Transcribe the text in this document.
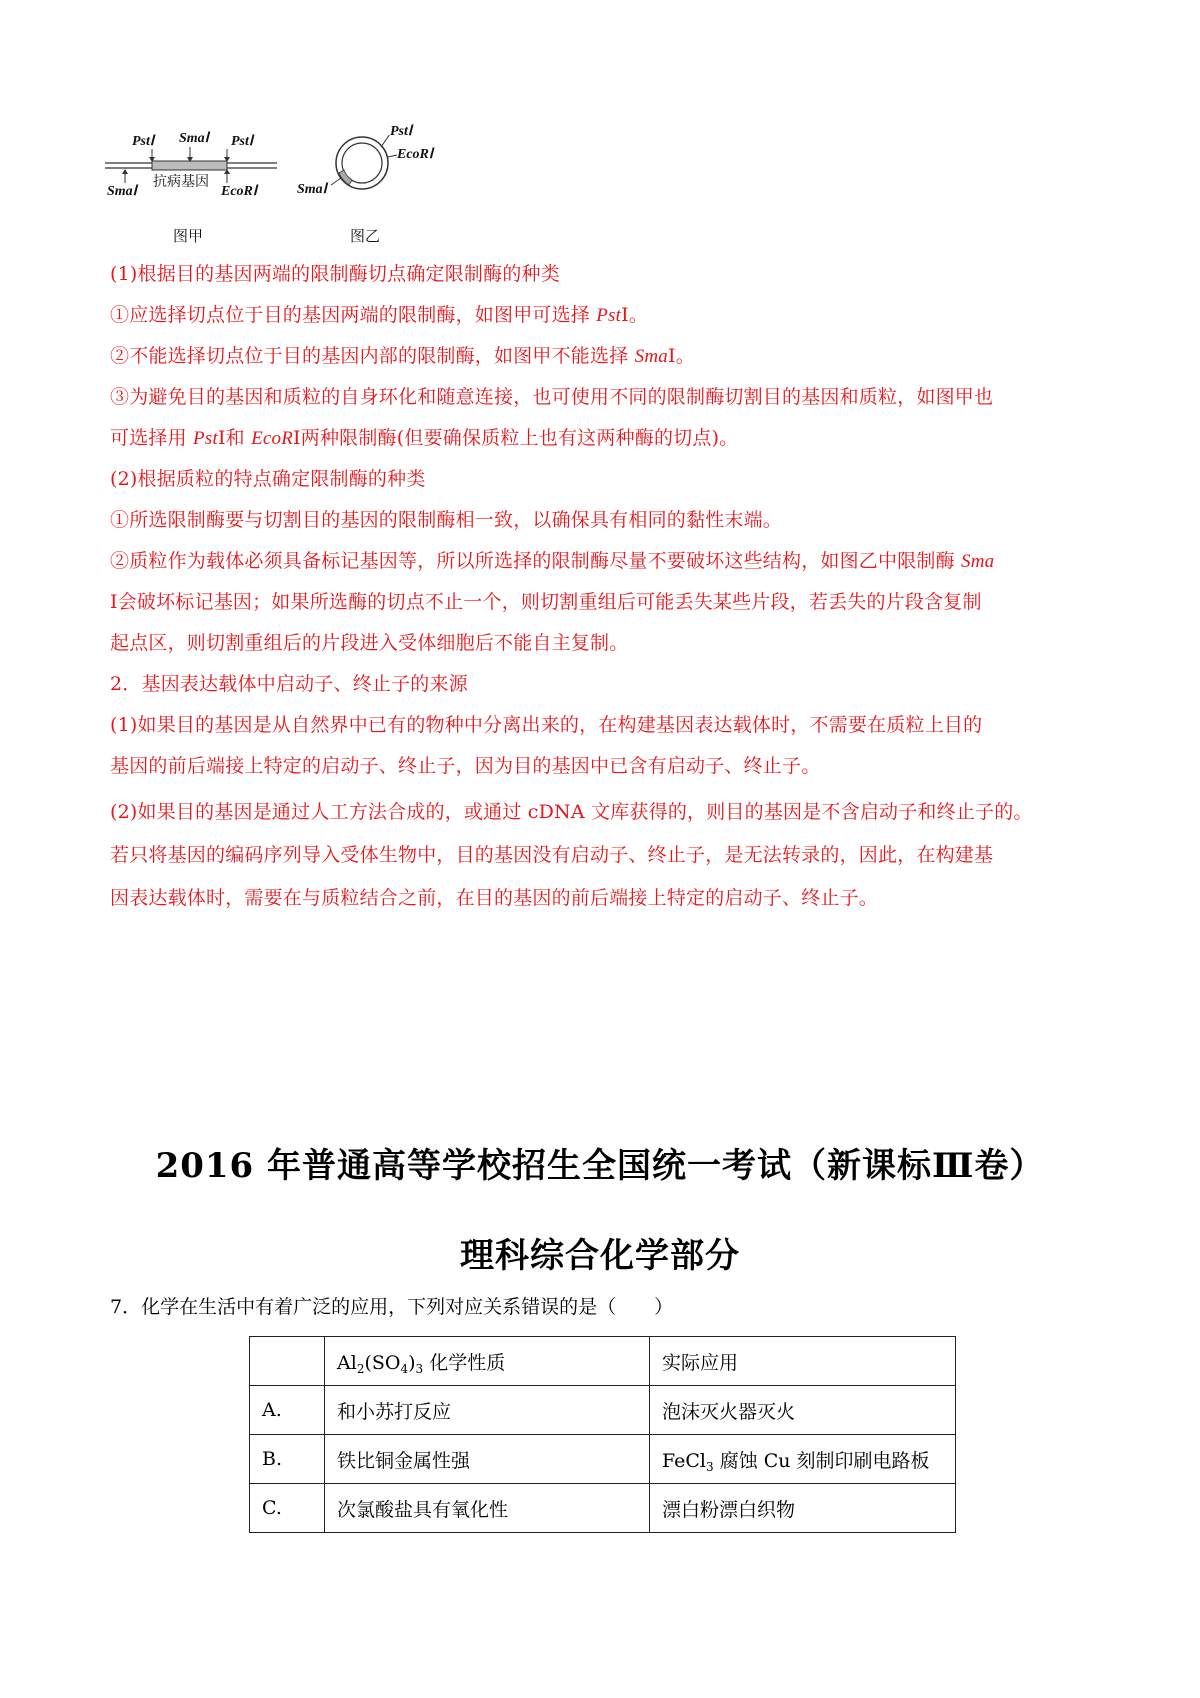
PstⅠ SmaⅠ PstⅠ
抗病基因
SmaⅠ	EcoRⅠ
图甲
PstⅠ
EcoRⅠ
SmaⅠ
图乙
(1)根据目的基因两端的限制酶切点确定限制酶的种类
①应选择切点位于目的基因两端的限制酶，如图甲可选择 PstⅠ。
②不能选择切点位于目的基因内部的限制酶，如图甲不能选择 SmaⅠ。
③为避免目的基因和质粒的自身环化和随意连接，也可使用不同的限制酶切割目的基因和质粒，如图甲也
可选择用 PstⅠ和 EcoRⅠ两种限制酶(但要确保质粒上也有这两种酶的切点)。
(2)根据质粒的特点确定限制酶的种类
①所选限制酶要与切割目的基因的限制酶相一致，以确保具有相同的黏性末端。
②质粒作为载体必须具备标记基因等，所以所选择的限制酶尽量不要破坏这些结构，如图乙中限制酶 Sma
Ⅰ会破坏标记基因；如果所选酶的切点不止一个，则切割重组后可能丢失某些片段，若丢失的片段含复制
起点区，则切割重组后的片段进入受体细胞后不能自主复制。
2．基因表达载体中启动子、终止子的来源
(1)如果目的基因是从自然界中已有的物种中分离出来的，在构建基因表达载体时，不需要在质粒上目的
基因的前后端接上特定的启动子、终止子，因为目的基因中已含有启动子、终止子。
(2)如果目的基因是通过人工方法合成的，或通过 cDNA 文库获得的，则目的基因是不含启动子和终止子的。
若只将基因的编码序列导入受体生物中，目的基因没有启动子、终止子，是无法转录的，因此，在构建基
因表达载体时，需要在与质粒结合之前，在目的基因的前后端接上特定的启动子、终止子。
2016 年普通高等学校招生全国统一考试（新课标Ⅲ卷）
理科综合化学部分
7．化学在生活中有着广泛的应用，下列对应关系错误的是（　　）
	$Al_2(SO_4)_3$ 化学性质	实际应用
A.	和小苏打反应	泡沫灭火器灭火
B.	铁比铜金属性强	FeCl$_3$ 腐蚀 Cu 刻制印刷电路板
C.	次氯酸盐具有氧化性	漂白粉漂白织物
